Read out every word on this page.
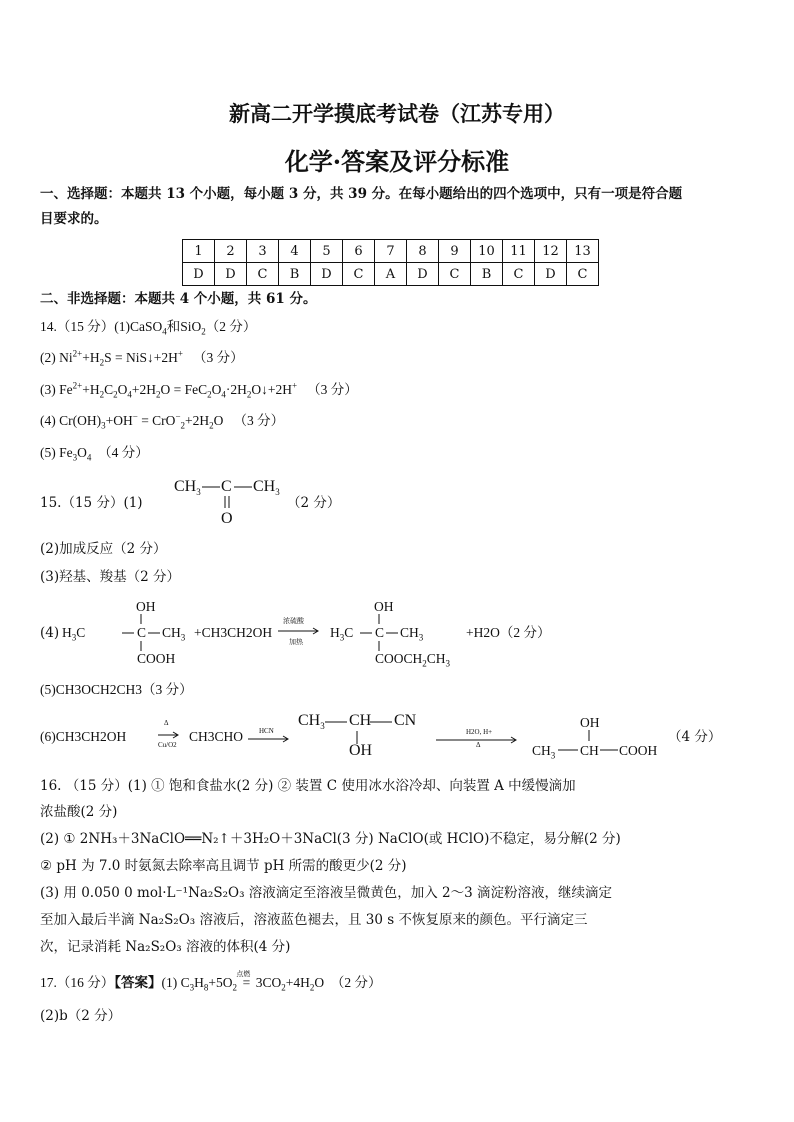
新高二开学摸底考试卷（江苏专用）
化学·答案及评分标准
一、选择题：本题共 13 个小题，每小题 3 分，共 39 分。在每小题给出的四个选项中，只有一项是符合题
目要求的。
1	2	3	4	5	6	7	8	9	10	11	12	13
D	D	C	B	D	C	A	D	C	B	C	D	C
二、非选择题：本题共 4 个小题，共 61 分。
14.（15 分）(1)CaSO$_4$和SiO$_2$（2 分）
(2) $Ni^{2+}+H_2S$ = NiS↓+2H+ （3 分）
(3) $Fe^{2+}+H_2C_2O_4+2H_2O$ = $FeC_2O_4\cdot 2H_2O↓+2H^+$ （3 分）
(4) $Cr(OH)_3+OH^- = CrO^-_2+2H_2O$ （3 分）
(5) $Fe_3O_4$ （4 分）
15.（15 分）(1)
$CH_3$ C $CH_3$
O
（2 分）
(2)加成反应（2 分）
(3)羟基、羧基（2 分）
OH
(4) $H_3C$	C $CH_3$
COOH
+CH3CH2OH
浓硫酸
加热
OH
$H_3C$ C $CH_3$
$COOCH_2CH_3$
+H2O（2 分）
(5)CH3OCH2CH3（3 分）
(6)CH3CH2OH
Δ
Cu/O2
CH3CHO HCN
$CH_3$ CH CN
OH
H2O, H+
Δ
OH
$CH_3$ CH COOH
（4 分）
16. （15 分）(1) ① 饱和食盐水(2 分) ② 装置 C 使用冰水浴冷却、向装置 A 中缓慢滴加
浓盐酸(2 分)
(2) ① 2NH₃＋3NaClO══N₂↑＋3H₂O＋3NaCl(3 分) NaClO(或 HClO)不稳定，易分解(2 分)
② pH 为 7.0 时氨氮去除率高且调节 pH 所需的酸更少(2 分)
(3) 用 0.050 0 mol·L⁻¹Na₂S₂O₃ 溶液滴定至溶液呈微黄色，加入 2～3 滴淀粉溶液，继续滴定
至加入最后半滴 Na₂S₂O₃ 溶液后，溶液蓝色褪去，且 30 s 不恢复原来的颜色。平行滴定三
次，记录消耗 Na₂S₂O₃ 溶液的体积(4 分)
17.（16 分）【答案】(1) $C_3H_8+5O_2$
点燃
= $3CO_2+4H_2O$ （2 分）
(2)b（2 分）
